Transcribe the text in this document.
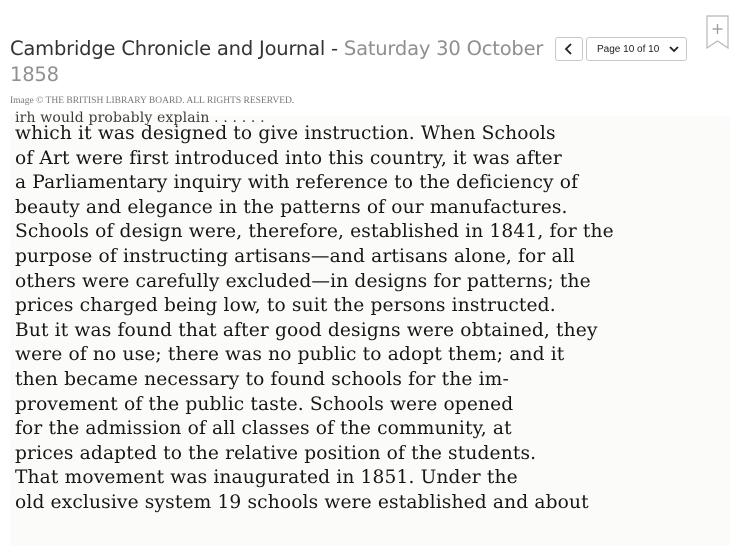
Cambridge Chronicle and Journal - Saturday 30 October 1858
Image © THE BRITISH LIBRARY BOARD. ALL RIGHTS RESERVED.
Page 10 of 10
irh would probably explain . . . . . .
which it was designed to give instruction. When Schools
of Art were first introduced into this country, it was after
a Parliamentary inquiry with reference to the deficiency of
beauty and elegance in the patterns of our manufactures.
Schools of design were, therefore, established in 1841, for the
purpose of instructing artisans—and artisans alone, for all
others were carefully excluded—in designs for patterns; the
prices charged being low, to suit the persons instructed.
But it was found that after good designs were obtained, they
were of no use; there was no public to adopt them; and it
then became necessary to found schools for the im-
provement of the public taste. Schools were opened
for the admission of all classes of the community, at
prices adapted to the relative position of the students.
That movement was inaugurated in 1851. Under the
old exclusive system 19 schools were established and about
